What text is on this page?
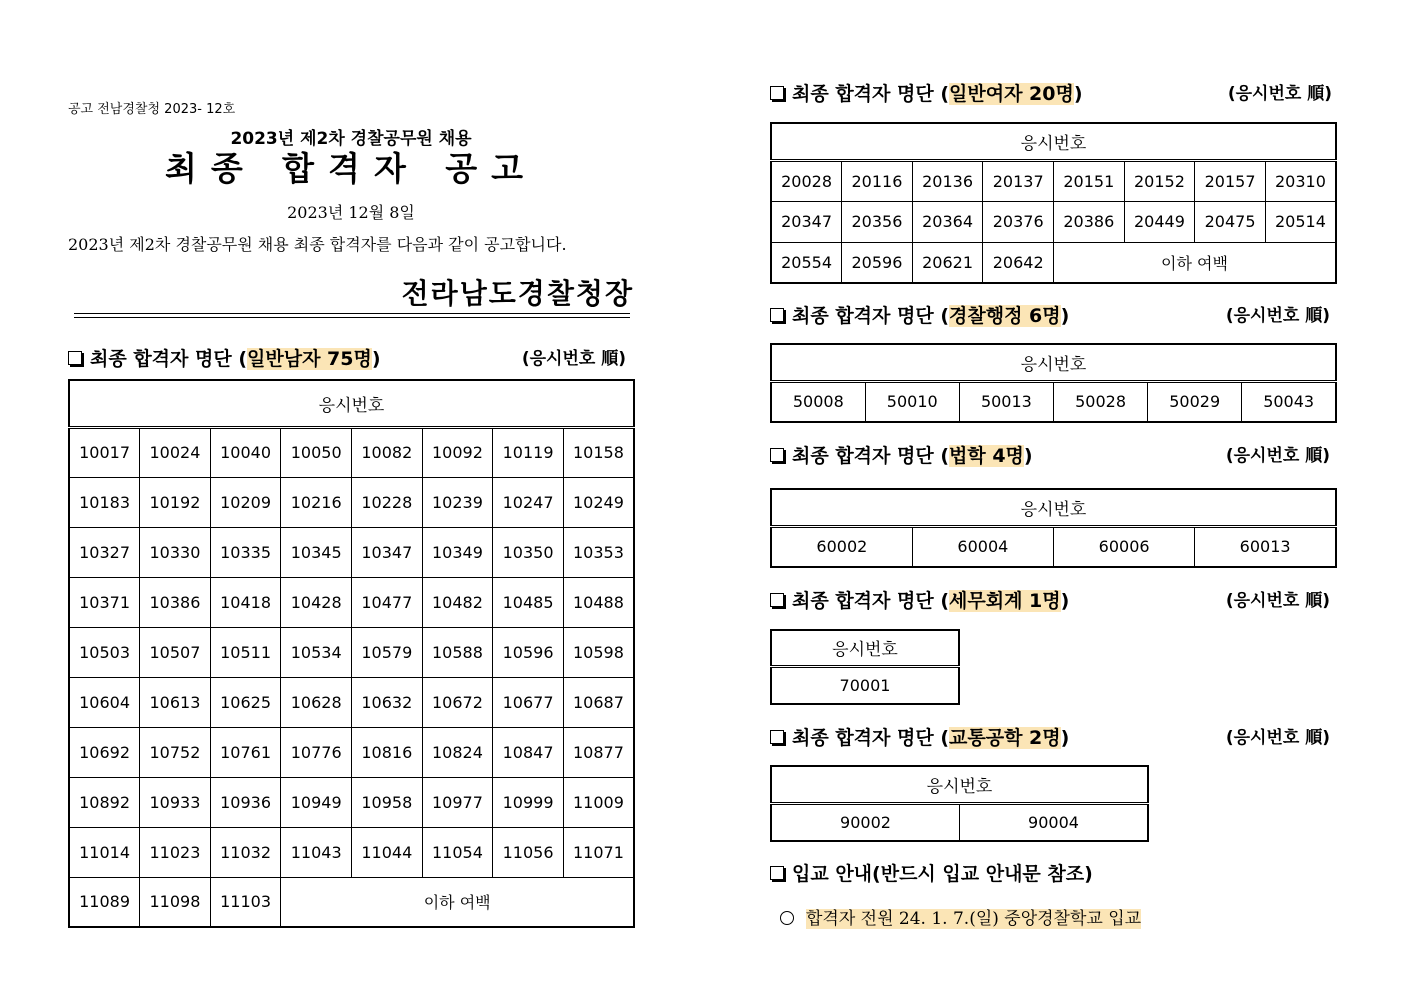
공고 전남경찰청 2023- 12호
2023년 제2차 경찰공무원 채용
최종 합격자 공고
2023년 12월 8일
2023년 제2차 경찰공무원 채용 최종 합격자를 다음과 같이 공고합니다.
전라남도경찰청장
최종 합격자 명단 (일반남자 75명)	(응시번호 順)
최종 합격자 명단 (일반여자 20명)	(응시번호 順)
최종 합격자 명단 (경찰행정 6명)	(응시번호 順)
최종 합격자 명단 (법학 4명)	(응시번호 順)
최종 합격자 명단 (세무회계 1명)	(응시번호 順)
최종 합격자 명단 (교통공학 2명)	(응시번호 順)
응시번호							
10017	10024	10040	10050	10082	10092	10119	10158
10183	10192	10209	10216	10228	10239	10247	10249
10327	10330	10335	10345	10347	10349	10350	10353
10371	10386	10418	10428	10477	10482	10485	10488
10503	10507	10511	10534	10579	10588	10596	10598
10604	10613	10625	10628	10632	10672	10677	10687
10692	10752	10761	10776	10816	10824	10847	10877
10892	10933	10936	10949	10958	10977	10999	11009
11014	11023	11032	11043	11044	11054	11056	11071
11089	11098	11103	이하 여백				
응시번호							
20028	20116	20136	20137	20151	20152	20157	20310
20347	20356	20364	20376	20386	20449	20475	20514
20554	20596	20621	20642	이하 여백			
응시번호
50008	50010	50013	50028	50029	50043
응시번호
60002	60004	60006	60013
응시번호
70001
응시번호
90002	90004
입교 안내(반드시 입교 안내문 참조)
합격자 전원 24. 1. 7.(일) 중앙경찰학교 입교
